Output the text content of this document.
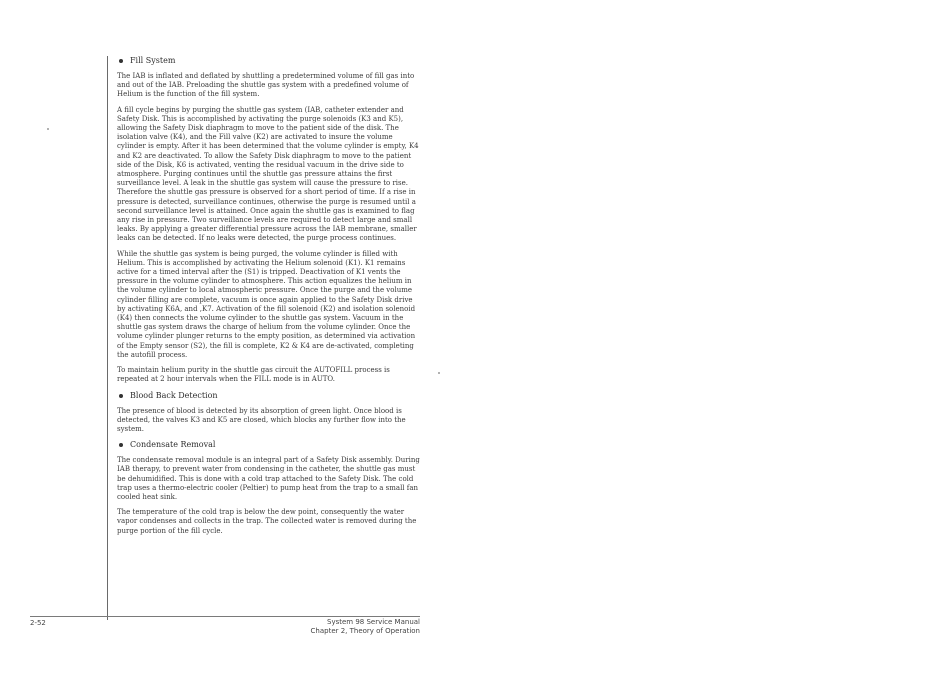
Fill System

The IAB is inflated and deflated by shuttling a predetermined volume of fill gas into and out of the IAB. Preloading the shuttle gas system with a predefined volume of Helium is the function of the fill system.

A fill cycle begins by purging the shuttle gas system (IAB, catheter extender and Safety Disk. This is accomplished by activating the purge solenoids (K3 and K5), allowing the Safety Disk diaphragm to move to the patient side of the disk. The isolation valve (K4), and the Fill valve (K2) are activated to insure the volume cylinder is empty. After it has been determined that the volume cylinder is empty, K4 and K2 are deactivated. To allow the Safety Disk diaphragm to move to the patient side of the Disk, K6 is activated, venting the residual vacuum in the drive side to atmosphere. Purging continues until the shuttle gas pressure attains the first surveillance level. A leak in the shuttle gas system will cause the pressure to rise. Therefore the shuttle gas pressure is observed for a short period of time. If a rise in pressure is detected, surveillance continues, otherwise the purge is resumed until a second surveillance level is attained. Once again the shuttle gas is examined to flag any rise in pressure. Two surveillance levels are required to detect large and small leaks. By applying a greater differential pressure across the IAB membrane, smaller leaks can be detected. If no leaks were detected, the purge process continues.

While the shuttle gas system is being purged, the volume cylinder is filled with Helium. This is accomplished by activating the Helium solenoid (K1). K1 remains active for a timed interval after the (S1) is tripped. Deactivation of K1 vents the pressure in the volume cylinder to atmosphere. This action equalizes the helium in the volume cylinder to local atmospheric pressure. Once the purge and the volume cylinder filling are complete, vacuum is once again applied to the Safety Disk drive by activating K6A, and ,K7. Activation of the fill solenoid (K2) and isolation solenoid (K4) then connects the volume cylinder to the shuttle gas system. Vacuum in the shuttle gas system draws the charge of helium from the volume cylinder. Once the volume cylinder plunger returns to the empty position, as determined via activation of the Empty sensor (S2), the fill is complete, K2 & K4 are de-activated, completing the autofill process.

To maintain helium purity in the shuttle gas circuit the AUTOFILL process is repeated at 2 hour intervals when the FILL mode is in AUTO.

Blood Back Detection

The presence of blood is detected by its absorption of green light. Once blood is detected, the valves K3 and K5 are closed, which blocks any further flow into the system.

Condensate Removal

The condensate removal module is an integral part of a Safety Disk assembly. During IAB therapy, to prevent water from condensing in the catheter, the shuttle gas must be dehumidified. This is done with a cold trap attached to the Safety Disk. The cold trap uses a thermo-electric cooler (Peltier) to pump heat from the trap to a small fan cooled heat sink.

The temperature of the cold trap is below the dew point, consequently the water vapor condenses and collects in the trap. The collected water is removed during the purge portion of the fill cycle.

2-52	System 98 Service Manual
Chapter 2, Theory of Operation
